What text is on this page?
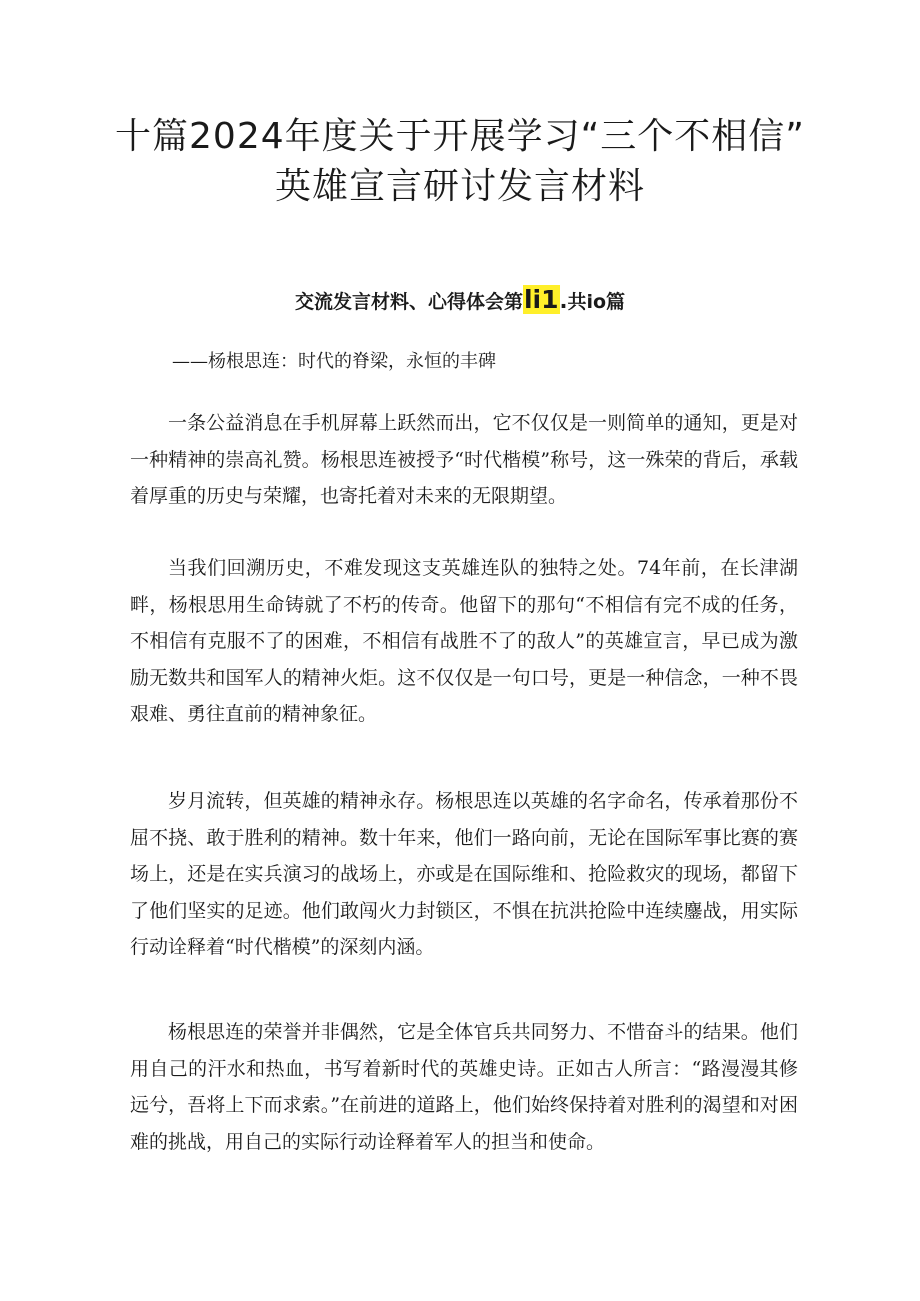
十篇2024年度关于开展学习“三个不相信”
英雄宣言研讨发言材料
交流发言材料、心得体会第li1.共io篇
——杨根思连：时代的脊梁，永恒的丰碑

一条公益消息在手机屏幕上跃然而出，它不仅仅是一则简单的通知，更是对一种精神的崇高礼赞。杨根思连被授予“时代楷模”称号，这一殊荣的背后，承载着厚重的历史与荣耀，也寄托着对未来的无限期望。

当我们回溯历史，不难发现这支英雄连队的独特之处。74年前，在长津湖畔，杨根思用生命铸就了不朽的传奇。他留下的那句“不相信有完不成的任务，不相信有克服不了的困难，不相信有战胜不了的敌人”的英雄宣言，早已成为激励无数共和国军人的精神火炬。这不仅仅是一句口号，更是一种信念，一种不畏艰难、勇往直前的精神象征。

岁月流转，但英雄的精神永存。杨根思连以英雄的名字命名，传承着那份不屈不挠、敢于胜利的精神。数十年来，他们一路向前，无论在国际军事比赛的赛场上，还是在实兵演习的战场上，亦或是在国际维和、抢险救灾的现场，都留下了他们坚实的足迹。他们敢闯火力封锁区，不惧在抗洪抢险中连续鏖战，用实际行动诠释着“时代楷模”的深刻内涵。

杨根思连的荣誉并非偶然，它是全体官兵共同努力、不惜奋斗的结果。他们用自己的汗水和热血，书写着新时代的英雄史诗。正如古人所言：“路漫漫其修远兮，吾将上下而求索。”在前进的道路上，他们始终保持着对胜利的渴望和对困难的挑战，用自己的实际行动诠释着军人的担当和使命。
